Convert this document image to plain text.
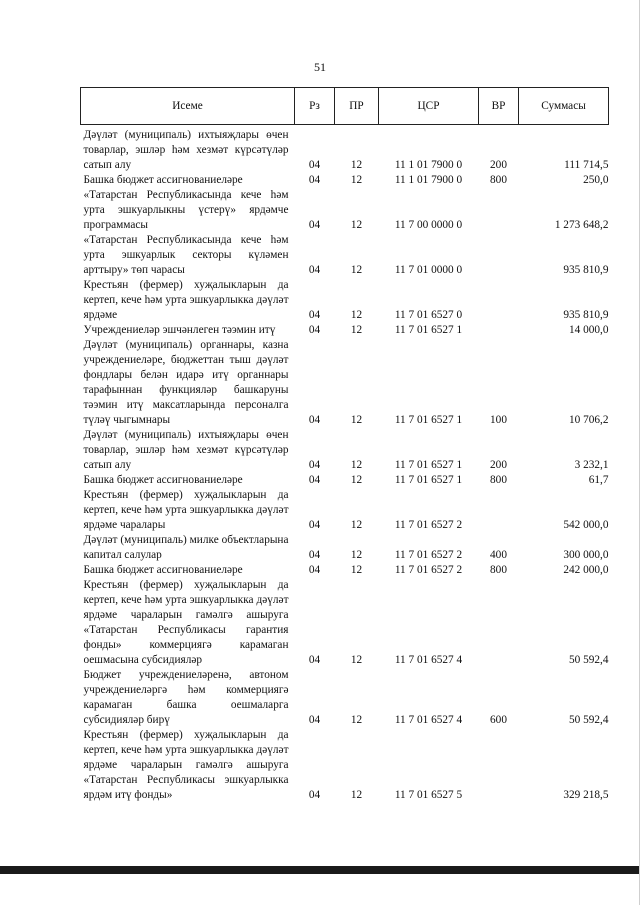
51
Исеме	Рз	ПР	ЦСР	ВР	Суммасы
Дәүләт (муниципаль) ихтыяҗлары өчен товарлар, эшләр һәм хезмәт күрсәтүләр сатып алу	04	12	11 1 01 7900 0	200	111 714,5
Башка бюджет ассигнованиеләре	04	12	11 1 01 7900 0	800	250,0
«Татарстан Республикасында кече һәм урта эшкуарлыкны үстерү» ярдәмче программасы	04	12	11 7 00 0000 0		1 273 648,2
«Татарстан Республикасында кече һәм урта эшкуарлык секторы күләмен арттыру» төп чарасы	04	12	11 7 01 0000 0		935 810,9
Крестьян (фермер) хуҗалыкларын да кертеп, кече һәм урта эшкуарлыкка дәүләт ярдәме	04	12	11 7 01 6527 0		935 810,9
Учреждениеләр эшчәнлеген тәэмин итү	04	12	11 7 01 6527 1		14 000,0
Дәүләт (муниципаль) органнары, казна учреждениеләре, бюджеттан тыш дәүләт фондлары белән идарә итү органнары тарафыннан функцияләр башкаруны тәэмин итү максатларында персоналга түләү чыгымнары	04	12	11 7 01 6527 1	100	10 706,2
Дәүләт (муниципаль) ихтыяҗлары өчен товарлар, эшләр һәм хезмәт күрсәтүләр сатып алу	04	12	11 7 01 6527 1	200	3 232,1
Башка бюджет ассигнованиеләре	04	12	11 7 01 6527 1	800	61,7
Крестьян (фермер) хуҗалыкларын да кертеп, кече һәм урта эшкуарлыкка дәүләт ярдәме чаралары	04	12	11 7 01 6527 2		542 000,0
Дәүләт (муниципаль) милке объектларына капитал салулар	04	12	11 7 01 6527 2	400	300 000,0
Башка бюджет ассигнованиеләре	04	12	11 7 01 6527 2	800	242 000,0
Крестьян (фермер) хуҗалыкларын да кертеп, кече һәм урта эшкуарлыкка дәүләт ярдәме чараларын гамәлгә ашыруга «Татарстан Республикасы гарантия фонды» коммерциягә карамаган оешмасына субсидияләр	04	12	11 7 01 6527 4		50 592,4
Бюджет учреждениеләренә, автоном учреждениеләргә һәм коммерциягә карамаган башка оешмаларга субсидияләр бирү	04	12	11 7 01 6527 4	600	50 592,4
Крестьян (фермер) хуҗалыкларын да кертеп, кече һәм урта эшкуарлыкка дәүләт ярдәме чараларын гамәлгә ашыруга «Татарстан Республикасы эшкуарлыкка ярдәм итү фонды»	04	12	11 7 01 6527 5		329 218,5
